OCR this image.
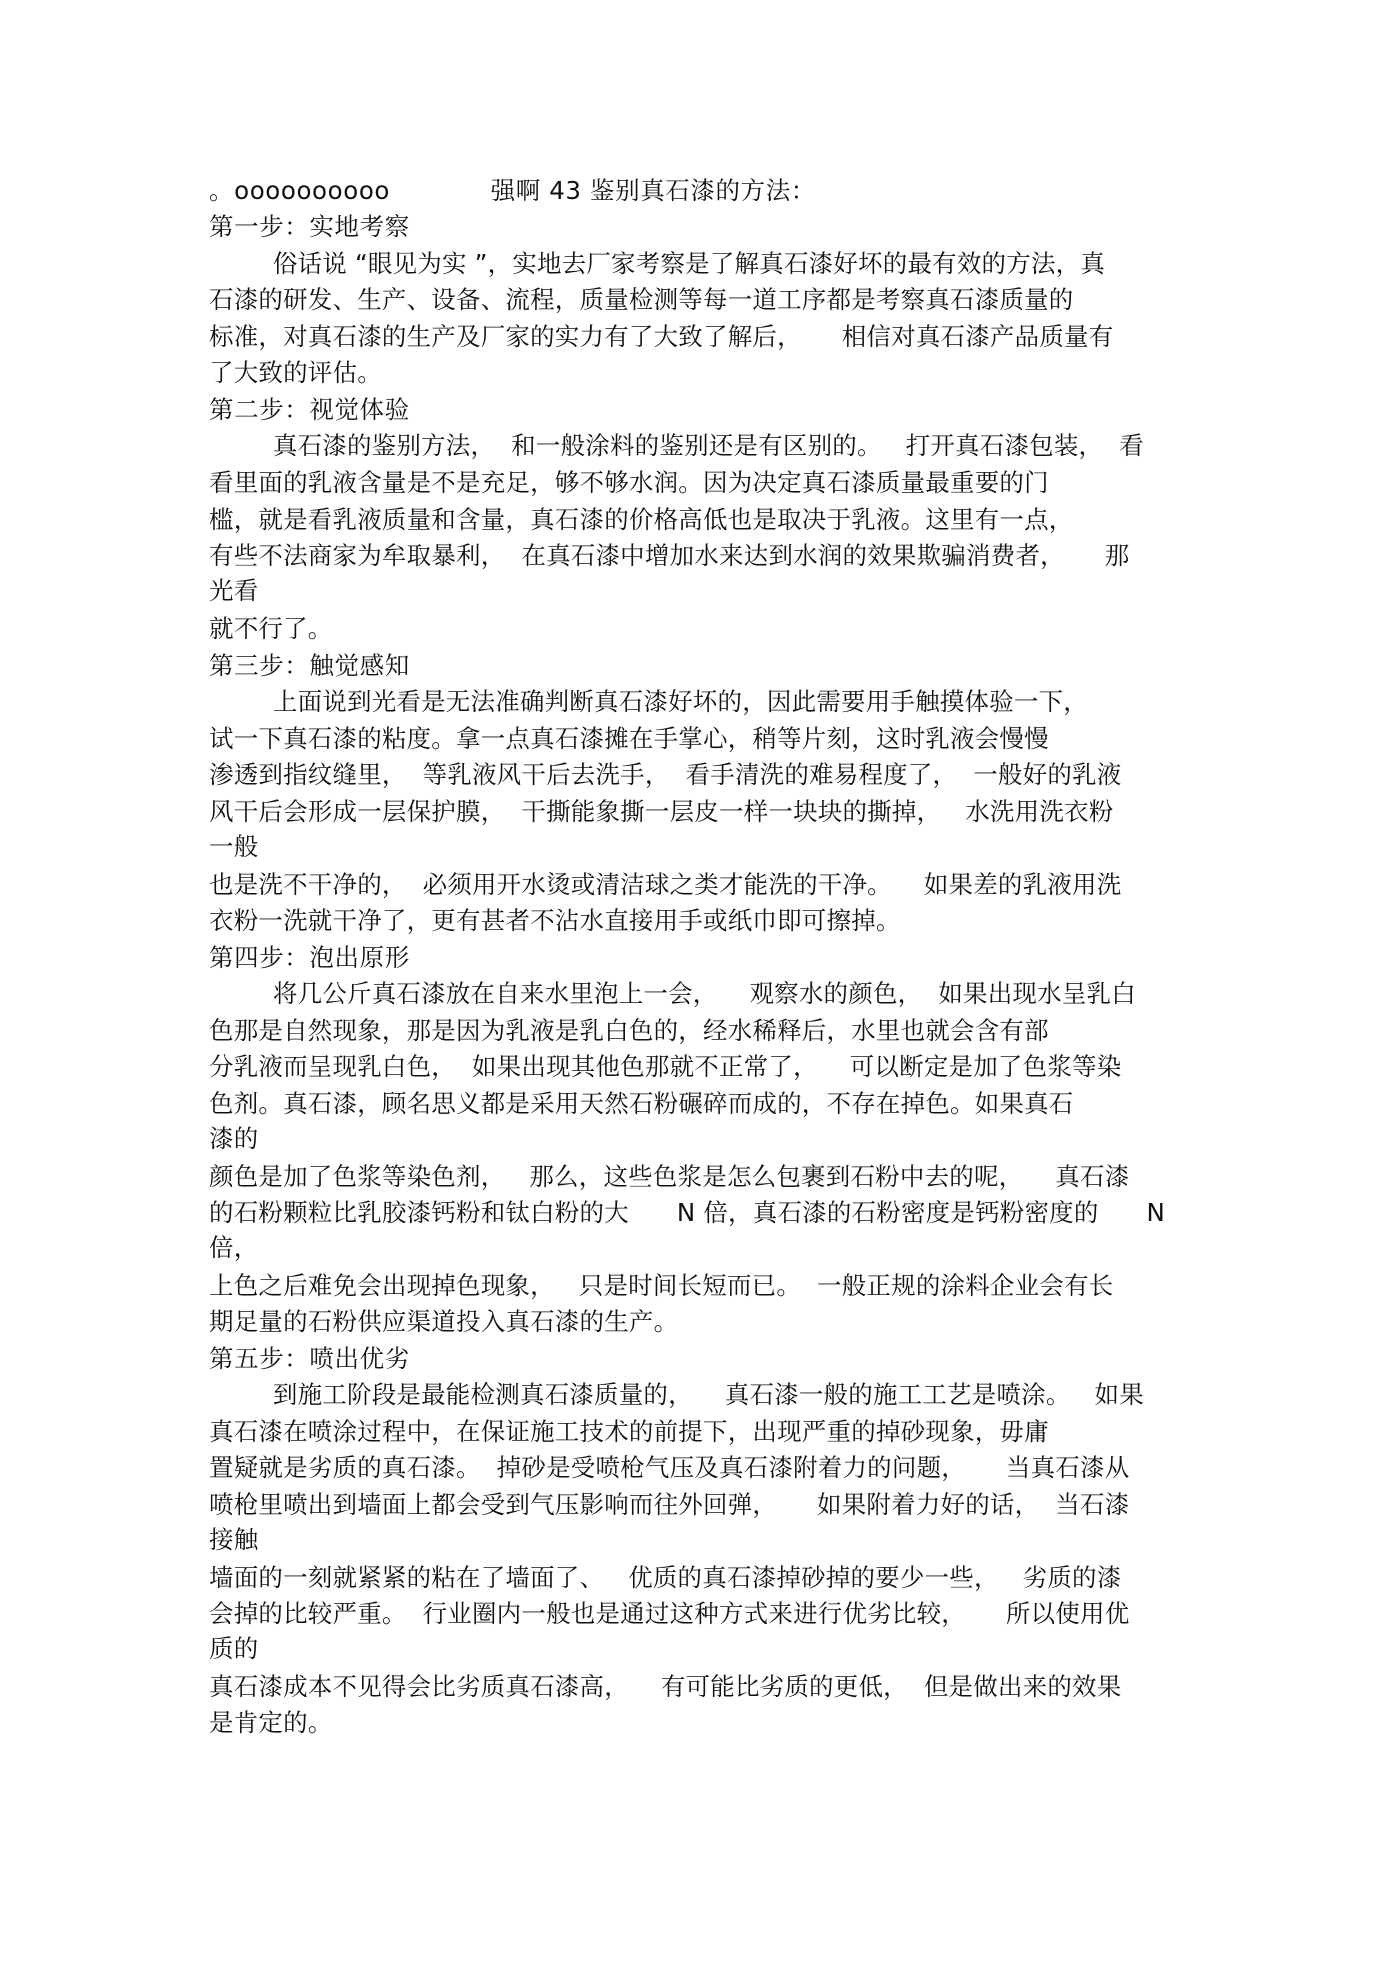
。oooooooooo            强啊 43 鉴别真石漆的方法：
第一步：实地考察
俗话说 “眼见为实 ”，实地去厂家考察是了解真石漆好坏的最有效的方法，真
石漆的研发、生产、设备、流程，质量检测等每一道工序都是考察真石漆质量的
标准，对真石漆的生产及厂家的实力有了大致了解后，     相信对真石漆产品质量有
了大致的评估。
第二步：视觉体验
真石漆的鉴别方法，  和一般涂料的鉴别还是有区别的。   打开真石漆包装，  看
看里面的乳液含量是不是充足，够不够水润。因为决定真石漆质量最重要的门
槛，就是看乳液质量和含量，真石漆的价格高低也是取决于乳液。这里有一点，
有些不法商家为牟取暴利，  在真石漆中增加水来达到水润的效果欺骗消费者，     那
光看
就不行了。
第三步：触觉感知
上面说到光看是无法准确判断真石漆好坏的，因此需要用手触摸体验一下，
试一下真石漆的粘度。拿一点真石漆摊在手掌心，稍等片刻，这时乳液会慢慢
渗透到指纹缝里，  等乳液风干后去洗手，  看手清洗的难易程度了，  一般好的乳液
风干后会形成一层保护膜，  干撕能象撕一层皮一样一块块的撕掉，   水洗用洗衣粉
一般
也是洗不干净的，  必须用开水烫或清洁球之类才能洗的干净。    如果差的乳液用洗
衣粉一洗就干净了，更有甚者不沾水直接用手或纸巾即可擦掉。
第四步：泡出原形
将几公斤真石漆放在自来水里泡上一会，    观察水的颜色，  如果出现水呈乳白
色那是自然现象，那是因为乳液是乳白色的，经水稀释后，水里也就会含有部
分乳液而呈现乳白色，  如果出现其他色那就不正常了，    可以断定是加了色浆等染
色剂。真石漆，顾名思义都是采用天然石粉碾碎而成的，不存在掉色。如果真石
漆的
颜色是加了色浆等染色剂，   那么，这些色浆是怎么包裹到石粉中去的呢，    真石漆
的石粉颗粒比乳胶漆钙粉和钛白粉的大      N 倍，真石漆的石粉密度是钙粉密度的      N
倍，
上色之后难免会出现掉色现象，   只是时间长短而已。  一般正规的涂料企业会有长
期足量的石粉供应渠道投入真石漆的生产。
第五步：喷出优劣
到施工阶段是最能检测真石漆质量的，    真石漆一般的施工工艺是喷涂。   如果
真石漆在喷涂过程中，在保证施工技术的前提下，出现严重的掉砂现象，毋庸
置疑就是劣质的真石漆。  掉砂是受喷枪气压及真石漆附着力的问题，     当真石漆从
喷枪里喷出到墙面上都会受到气压影响而往外回弹，     如果附着力好的话，  当石漆
接触
墙面的一刻就紧紧的粘在了墙面了、   优质的真石漆掉砂掉的要少一些，   劣质的漆
会掉的比较严重。  行业圈内一般也是通过这种方式来进行优劣比较，     所以使用优
质的
真石漆成本不见得会比劣质真石漆高，    有可能比劣质的更低，  但是做出来的效果
是肯定的。
